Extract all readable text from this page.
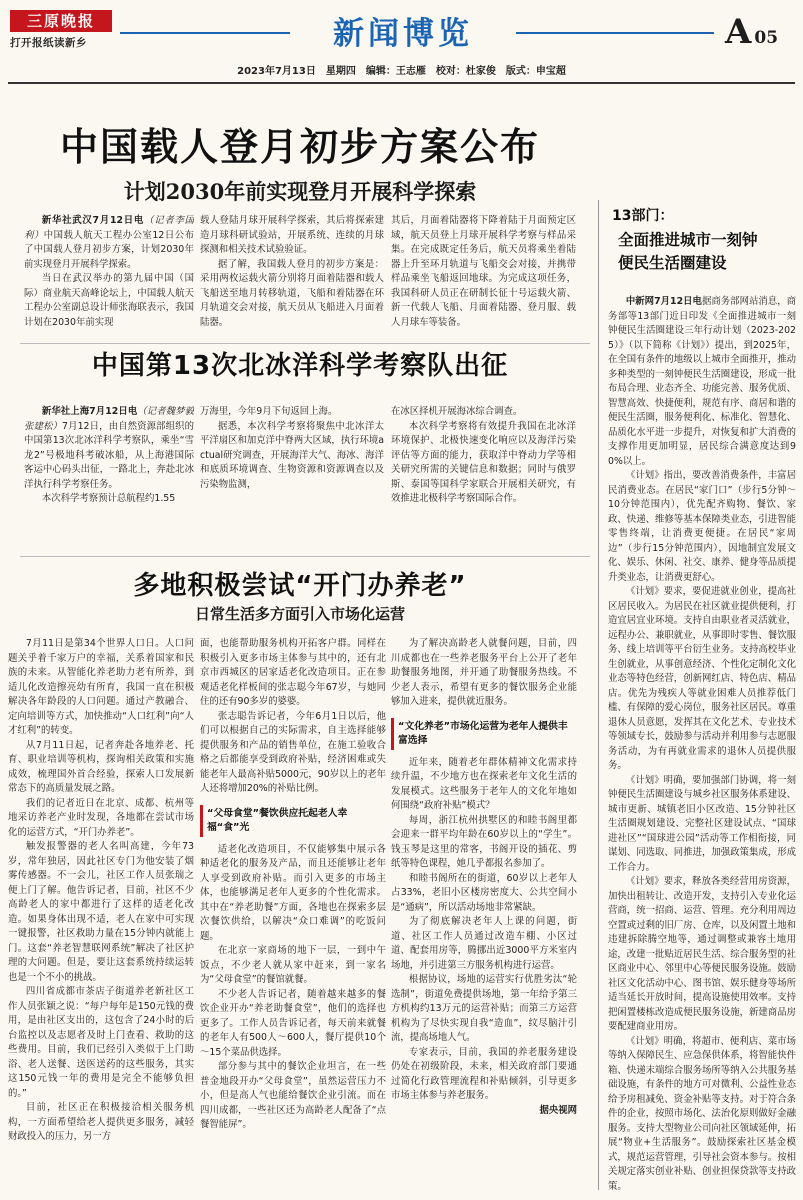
三原晚报
打开报纸读新乡	新闻博览	A 05
2023年7月13日　星期四　编辑：王志雁　校对：杜家俊　版式：申宝超
中国载人登月初步方案公布
计划2030年前实现登月开展科学探索

新华社武汉7月12日电（记者李国利）中国载人航天工程办公室12日公布了中国载人登月初步方案，计划2030年前实现登月开展科学探索。

当日在武汉举办的第九届中国（国际）商业航天高峰论坛上，中国载人航天工程办公室副总设计师张海联表示，我国计划在2030年前实现

载人登陆月球开展科学探索，其后将探索建造月球科研试验站，开展系统、连续的月球探测和相关技术试验验证。

据了解，我国载人登月的初步方案是：采用两枚运载火箭分别将月面着陆器和载人飞船送至地月转移轨道，飞船和着陆器在环月轨道交会对接，航天员从飞船进入月面着陆器。

其后，月面着陆器将下降着陆于月面预定区域，航天员登上月球开展科学考察与样品采集。在完成既定任务后，航天员将乘坐着陆器上升至环月轨道与飞船交会对接，并携带样品乘坐飞船返回地球。为完成这项任务，我国科研人员正在研制长征十号运载火箭、新一代载人飞船、月面着陆器、登月服、载人月球车等装备。

中国第13次北冰洋科学考察队出征

新华社上海7月12日电（记者魏梦毅 张建松）7月12日，由自然资源部组织的中国第13次北冰洋科学考察队，乘坐“雪龙2”号极地科考破冰船，从上海港国际客运中心码头出征，一路北上，奔赴北冰洋执行科学考察任务。

本次科学考察预计总航程约1.55

万海里，今年9月下旬返回上海。

据悉，本次科学考察将聚焦中北冰洋太平洋扇区和加克洋中脊两大区域，执行环境actual研究调查，开展海洋大气、海冰、海洋和底质环境调查、生物资源和资源调查以及污染物监测，

在冰区择机开展海冰综合调查。

本次科学考察将有效提升我国在北冰洋环境保护、北极快速变化响应以及海洋污染评估等方面的能力，获取洋中脊动力学等相关研究所需的关键信息和数据；同时与俄罗斯、泰国等国科学家联合开展相关研究，有效推进北极科学考察国际合作。

多地积极尝试“开门办养老”
日常生活多方面引入市场化运营

7月11日是第34个世界人口日。人口问题关乎着千家万户的幸福，关系着国家和民族的未来。从智能化养老助力老有所养，到适儿化改造擦亮幼有所育，我国一直在积极解决各年龄段的人口问题。通过产教融合、定向培训等方式，加快推动“人口红利”向“人才红利”的转变。

从7月11日起，记者奔赴各地养老、托育、职业培训等机构，探询相关政策和实施成效，梳理国外首合经验，探索人口发展新常态下的高质量发展之路。

我们的记者近日在北京、成都、杭州等地采访养老产业时发现，各地都在尝试市场化的运营方式，“开门办养老”。

触发报警器的老人名叫高建，今年73岁，常年独居，因此社区专门为他安装了烟雾传感器。不一会儿，社区工作人员张瑞之便上门了解。他告诉记者，目前，社区不少高龄老人的家中都进行了这样的适老化改造。如果身体出现不适，老人在家中可实现一键报警，社区救助力量在15分钟内就能上门。这套“养老智慧联网系统”解决了社区护理的大问题。但是，要让这套系统持续运转也是一个不小的挑战。

四川省成都市茶店子街道养老新社区工作人员张颖之说：“每户每年是150元钱的费用，是由社区支出的，这包含了24小时的后台监控以及志愿者及时上门查看、救助的这些费用。目前，我们已经引入类似于上门助浴、老人送餐、送医送药的这些服务，其实这150元钱一年的费用是完全不能够负担的。”

目前，社区正在积极接洽相关服务机构，一方面希望给老人提供更多服务，减轻财政投入的压力，另一方

面，也能帮助服务机构开拓客户群。同样在积极引入更多市场主体参与其中的，还有北京市西城区的居家适老化改造项目。正在参观适老化样板间的张志聪今年67岁，与她同住的还有90多岁的婆婆。

张志聪告诉记者，今年6月1日以后，他们可以根据自己的实际需求，自主选择能够提供服务和产品的销售单位，在施工验收合格之后都能享受到政府补贴，经济困难或失能老年人最高补贴5000元，90岁以上的老年人还将增加20%的补贴比例。

“父母食堂”餐饮供应托起老人幸福“食”光

适老化改造项目，不仅能够集中展示各种适老化的服务及产品，而且还能够让老年人享受到政府补贴。而引入更多的市场主体，也能够满足老年人更多的个性化需求。其中在“养老助餐”方面，各地也在探索多层次餐饮供给，以解决“众口难调”的吃饭问题。

在北京一家商场的地下一层，一到中午饭点，不少老人就从家中赶来，到一家名为“父母食堂”的餐馆就餐。

不少老人告诉记者，随着越来越多的餐饮企业开办“养老助餐食堂”，他们的选择也更多了。工作人员告诉记者，每天前来就餐的老年人有500人～600人，餐厅提供10个～15个菜品供选择。

部分参与其中的餐饮企业坦言，在一些普金地段开办“父母食堂”，虽然运营压力不小，但是高人气也能给餐饮企业引流。而在四川成都，一些社区还为高龄老人配备了“点餐智能屏”。

为了解决高龄老人就餐问题，目前，四川成都也在一些养老服务平台上公开了老年助餐服务地图，并开通了助餐服务热线。不少老人表示，希望有更多的餐饮服务企业能够加入进来，提供就近服务。

“文化养老”市场化运营为老年人提供丰富选择

近年来，随着老年群体精神文化需求持续升温，不少地方也在探索老年文化生活的发展模式。这些服务于老年人的文化年地如何围绕“政府补贴”模式？

每周，浙江杭州拱墅区的和睦书阁里都会迎来一群平均年龄在60岁以上的“学生”。钱玉琴是这里的常客，书阁开设的插花、剪纸等特色课程，她几乎都报名参加了。

和睦书阁所在的街道，60岁以上老年人占33%，老旧小区楼房密度大、公共空间小是“通病”，所以活动场地非常紧缺。

为了彻底解决老年人上课的问题，街道、社区工作人员通过改造车棚、小区过道、配套用房等，腾挪出近3000平方米室内场地，并引进第三方服务机构进行运营。

根据协议，场地的运营实行优胜劣汰“轮选制”，街道免费提供场地，第一年给予第三方机构约13万元的运营补贴；而第三方运营机构为了尽快实现自我“造血”，纹尽脑汁引流，提高场地人气。

专家表示，目前，我国的养老服务建设仍处在初级阶段，未来，相关政府部门要通过简化行政管理流程和补贴倾斜，引导更多市场主体参与养老服务。

据央视网

13部门：
全面推进城市一刻钟
便民生活圈建设

中新网7月12日电据商务部网站消息，商务部等13部门近日印发《全面推进城市一刻钟便民生活圈建设三年行动计划（2023-2025）》（以下简称《计划》）提出，到2025年，在全国有条件的地级以上城市全面推开，推动多种类型的一刻钟便民生活圈建设，形成一批布局合理、业态齐全、功能完善、服务优质、智慧高效、快捷便利，规范有序、商居和谐的便民生活圈，服务便利化、标准化、智慧化、品质化水平进一步提升，对恢复和扩大消费的支撑作用更加明显，居民综合满意度达到90%以上。

《计划》指出，要改善消费条件，丰富居民消费业态。在居民“家门口”（步行5分钟～10分钟范围内），优先配齐购物、餐饮、家政、快递、维修等基本保障类业态，引进智能零售终端，让消费更便捷。在居民“家周边”（步行15分钟范围内），因地制宜发展文化、娱乐、休闲、社交、康养、健身等品质提升类业态，让消费更舒心。

《计划》要求，要促进就业创业，提高社区居民收入。为居民在社区就业提供便利，打造宜居宜业环境。支持自由职业者灵活就业，远程办公、兼职就业，从事即时零售、餐饮服务、线上培训等平台衍生业务。支持高校毕业生创就业，从事创意经济、个性化定制化文化业态等特色经营，创新网红店、特色店、精品店。优先为残疾人等就业困难人员推荐低门槛、有保障的爱心岗位，服务社区居民。尊重退休人员意愿，发挥其在文化艺术、专业技术等领域专长，鼓励参与活动并利用参与志愿服务活动，为有再就业需求的退休人员提供服务。

《计划》明确，要加强部门协调，将一刻钟便民生活圈建设与城乡社区服务体系建设、城市更新、城镇老旧小区改造、15分钟社区生活圈规划建设、完整社区建设试点、“国球进社区”“国球进公园”活动等工作相衔接，同谋划、同选取、同推进，加强政策集成，形成工作合力。

《计划》要求，释放各类经营用房资源，加快出租转让、改造开发，支持引入专业化运营商，统一招商、运营、管理。充分利用周边空置或过剩的旧厂房、仓库，以及闲置土地和违建拆除腾空地等，通过调整或兼容土地用途，改建一批贴近居民生活、综合服务型的社区商业中心、邻里中心等便民服务设施。鼓励社区文化活动中心、图书馆、娱乐健身等场所适当延长开放时间，提高设施使用效率。支持把闲置楼栋改造成便民服务设施，新建商品房要配建商业用房。

《计划》明确，将超市、便利店、菜市场等纳入保障民生、应急保供体系，将智能快件箱、快递末端综合服务场所等纳入公共服务基础设施，有条件的地方可对微利、公益性业态给予房租减免、资金补贴等支持。对于符合条件的企业，按照市场化、法治化原则做好金融服务。支持大型物业公司向社区领域延伸，拓展“物业+生活服务”。鼓励探索社区基金模式，规范运营管理，引导社会资本参与。按相关规定落实创业补贴、创业担保贷款等支持政策。
